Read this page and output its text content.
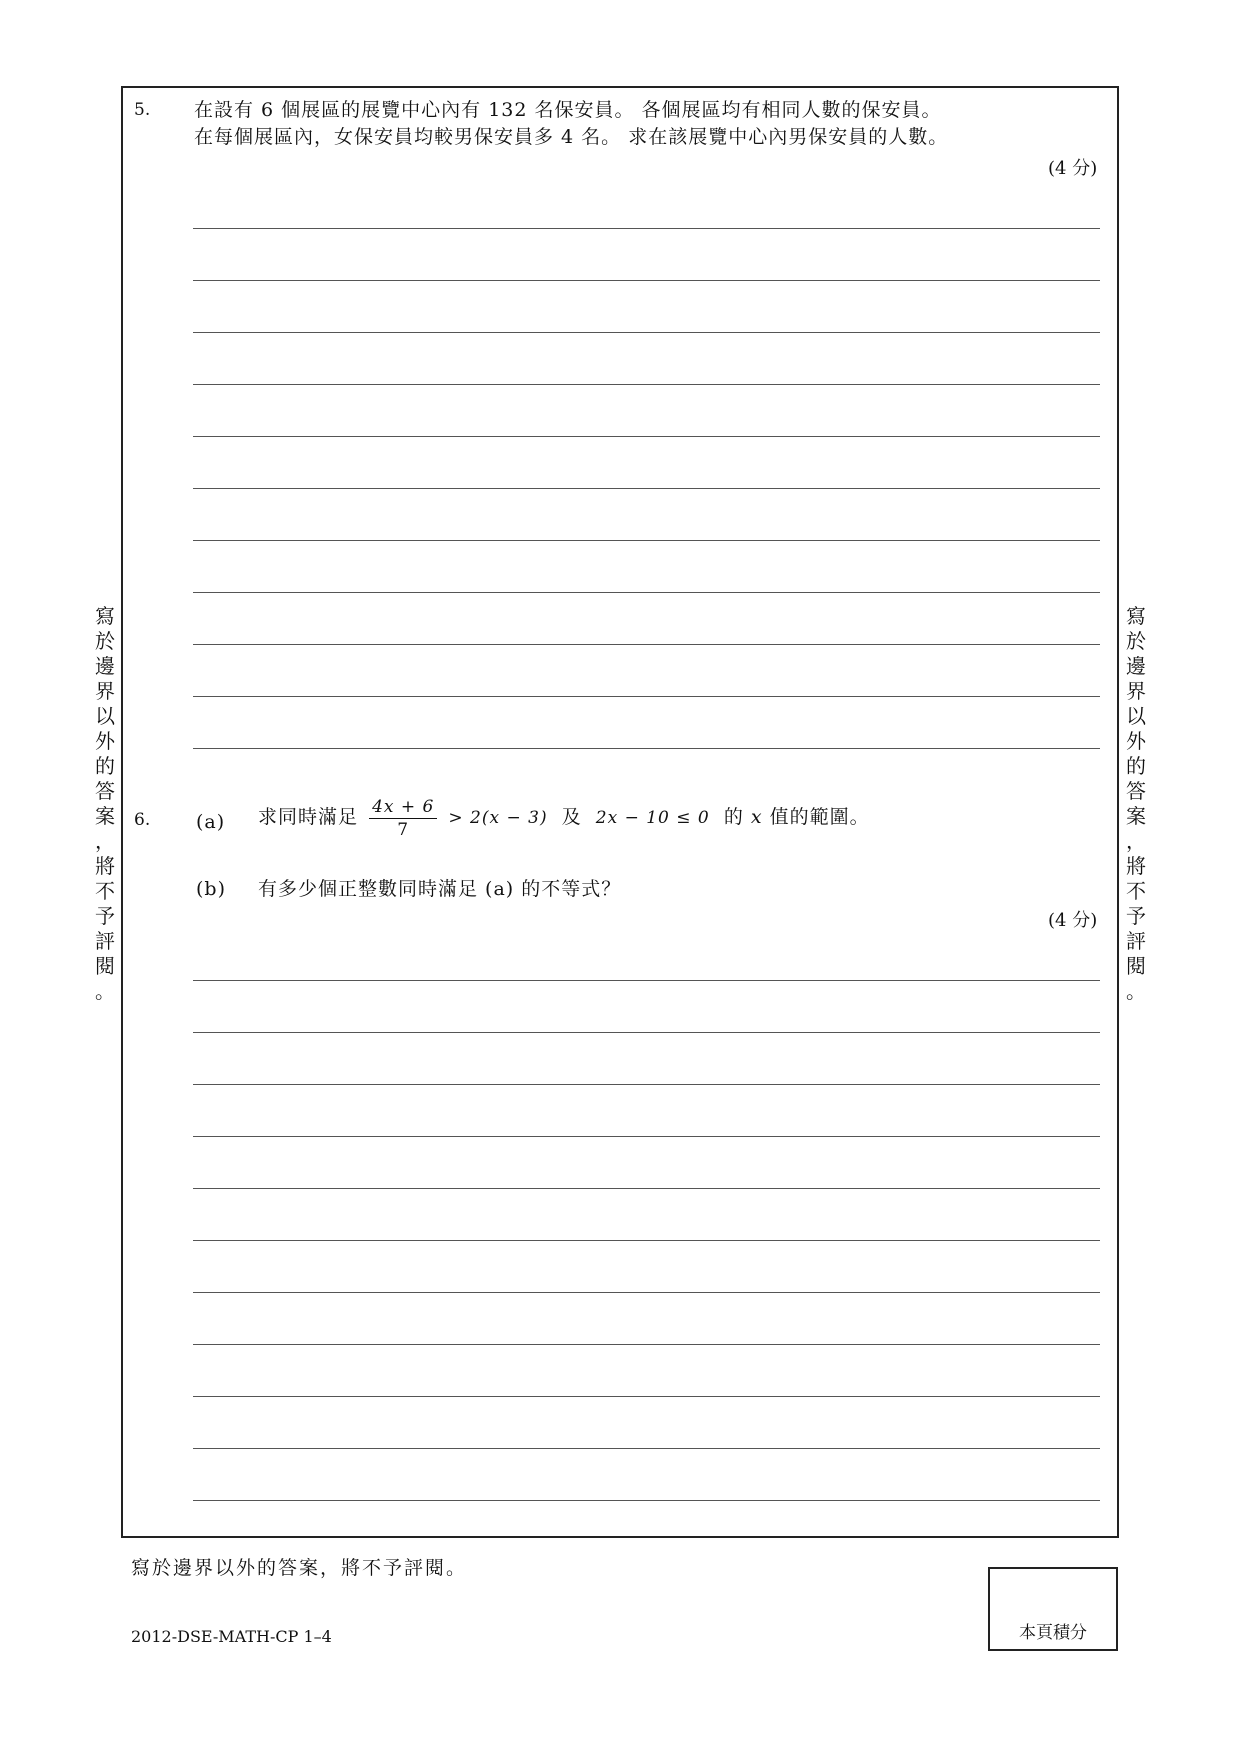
寫
於
邊
界
以
外
的
答
案
，
將
不
予
評
閱
。
寫
於
邊
界
以
外
的
答
案
，
將
不
予
評
閱
。
5. 在設有 6 個展區的展覽中心內有 132 名保安員。 各個展區均有相同人數的保安員。
在每個展區內，女保安員均較男保安員多 4 名。 求在該展覽中心內男保安員的人數。
(4 分)
6. (a) 求同時滿足 $\frac{4x + 6}{7} > 2(x - 3)$ 及 2x − 10 ≤ 0 的 x 值的範圍。
(b) 有多少個正整數同時滿足 (a) 的不等式？
(4 分)
寫於邊界以外的答案，將不予評閱。
2012-DSE-MATH-CP 1–4	本頁積分
